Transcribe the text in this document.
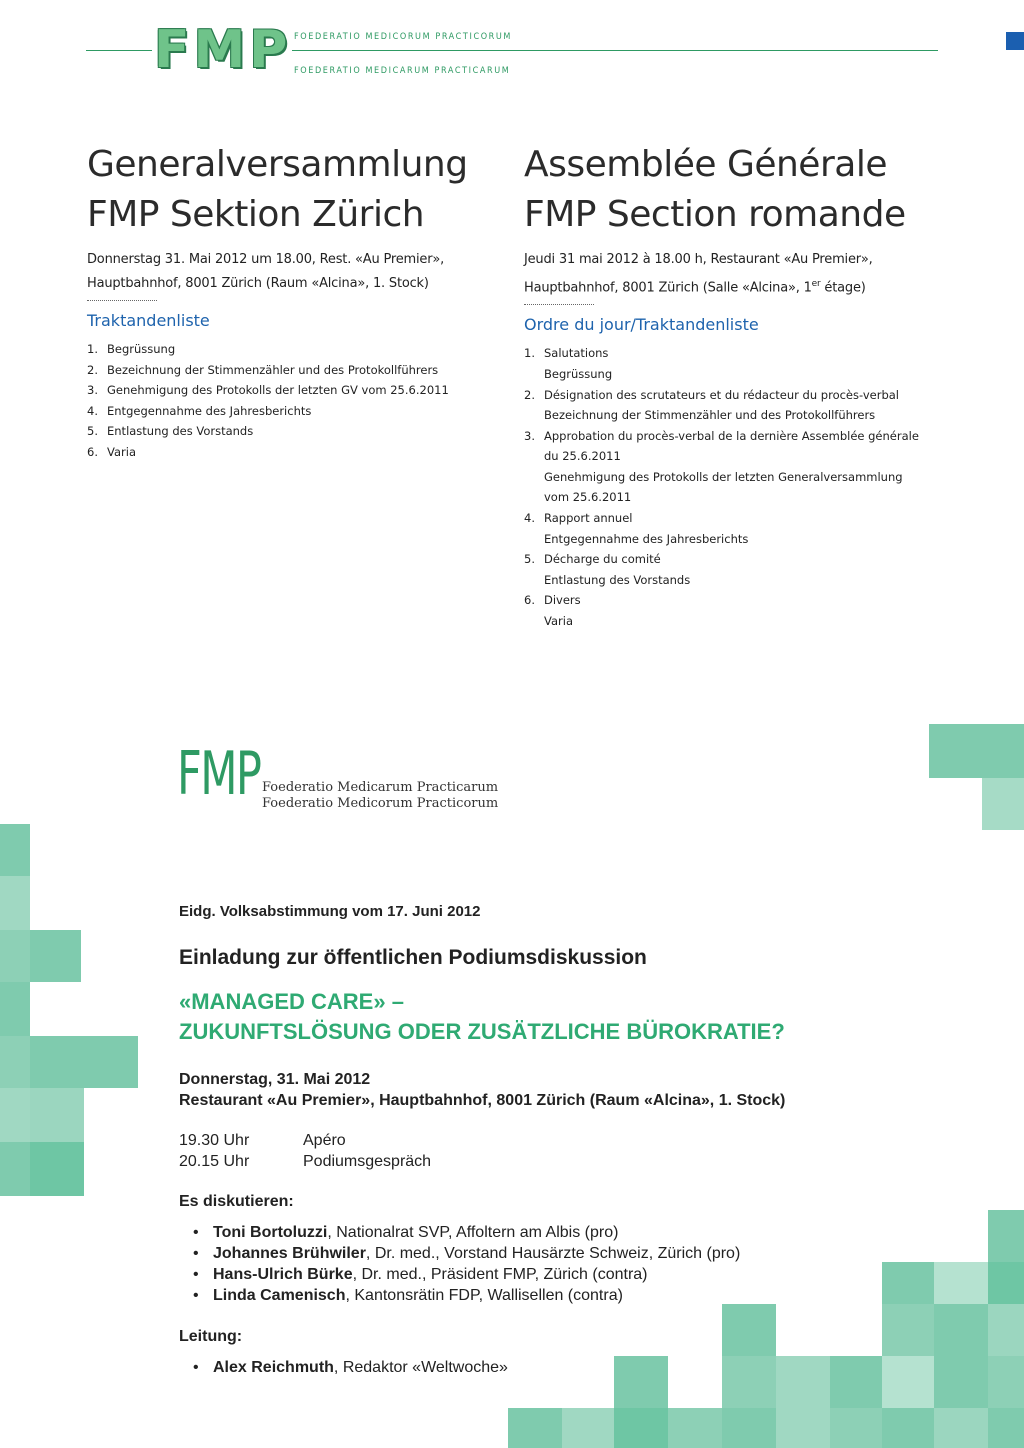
FMP FOEDERATIO MEDICORUM PRACTICORUM
FOEDERATIO MEDICARUM PRACTICARUM
Generalversammlung
FMP Sektion Zürich
Donnerstag 31. Mai 2012 um 18.00, Rest. «Au Premier»,
Hauptbahnhof, 8001 Zürich (Raum «Alcina», 1. Stock)
Traktandenliste
1. Begrüssung
2. Bezeichnung der Stimmenzähler und des Protokollführers
3. Genehmigung des Protokolls der letzten GV vom 25.6.2011
4. Entgegennahme des Jahresberichts
5. Entlastung des Vorstands
6. Varia
Assemblée Générale
FMP Section romande
Jeudi 31 mai 2012 à 18.00 h, Restaurant «Au Premier»,
Hauptbahnhof, 8001 Zürich (Salle «Alcina», 1er étage)
Ordre du jour/Traktandenliste
1. Salutations
Begrüssung
2. Désignation des scrutateurs et du rédacteur du procès-verbal
Bezeichnung der Stimmenzähler und des Protokollführers
3. Approbation du procès-verbal de la dernière Assemblée générale
du 25.6.2011
Genehmigung des Protokolls der letzten Generalversammlung
vom 25.6.2011
4. Rapport annuel
Entgegennahme des Jahresberichts
5. Décharge du comité
Entlastung des Vorstands
6. Divers
Varia
FMP Foederatio Medicarum Practicarum
Foederatio Medicorum Practicorum
Eidg. Volksabstimmung vom 17. Juni 2012
Einladung zur öffentlichen Podiumsdiskussion
«MANAGED CARE» –
ZUKUNFTSLÖSUNG ODER ZUSÄTZLICHE BÜROKRATIE?
Donnerstag, 31. Mai 2012
Restaurant «Au Premier», Hauptbahnhof, 8001 Zürich (Raum «Alcina», 1. Stock)
19.30 Uhr	Apéro
20.15 Uhr	Podiumsgespräch
Es diskutieren:
• Toni Bortoluzzi, Nationalrat SVP, Affoltern am Albis (pro)
• Johannes Brühwiler, Dr. med., Vorstand Hausärzte Schweiz, Zürich (pro)
• Hans-Ulrich Bürke, Dr. med., Präsident FMP, Zürich (contra)
• Linda Camenisch, Kantonsrätin FDP, Wallisellen (contra)
Leitung:
• Alex Reichmuth, Redaktor «Weltwoche»
